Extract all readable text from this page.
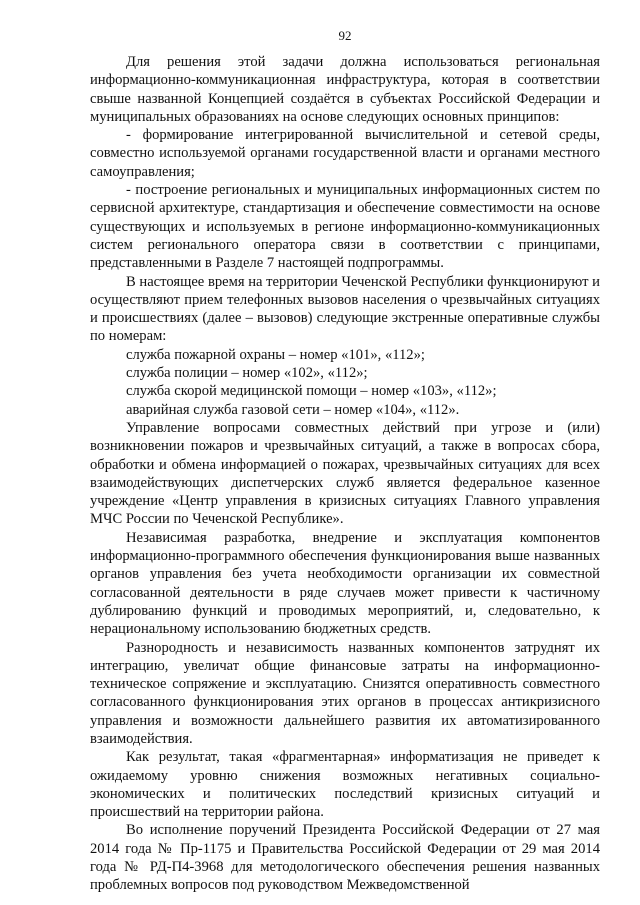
92

Для решения этой задачи должна использоваться региональная информационно-коммуникационная инфраструктура, которая в соответствии свыше названной Концепцией создаётся в субъектах Российской Федерации и муниципальных образованиях на основе следующих основных принципов:

- формирование интегрированной вычислительной и сетевой среды, совместно используемой органами государственной власти и органами местного самоуправления;

- построение региональных и муниципальных информационных систем по сервисной архитектуре, стандартизация и обеспечение совместимости на основе существующих и используемых в регионе информационно-коммуникационных систем регионального оператора связи в соответствии с принципами, представленными в Разделе 7 настоящей подпрограммы.

В настоящее время на территории Чеченской Республики функционируют и осуществляют прием телефонных вызовов населения о чрезвычайных ситуациях и происшествиях (далее – вызовов) следующие экстренные оперативные службы по номерам:

служба пожарной охраны – номер «101», «112»;

служба полиции – номер «102», «112»;

служба скорой медицинской помощи – номер «103», «112»;

аварийная служба газовой сети – номер «104», «112».

Управление вопросами совместных действий при угрозе и (или) возникновении пожаров и чрезвычайных ситуаций, а также в вопросах сбора, обработки и обмена информацией о пожарах, чрезвычайных ситуациях для всех взаимодействующих диспетчерских служб является федеральное казенное учреждение «Центр управления в кризисных ситуациях Главного управления МЧС России по Чеченской Республике».

Независимая разработка, внедрение и эксплуатация компонентов информационно-программного обеспечения функционирования выше названных органов управления без учета необходимости организации их совместной согласованной деятельности в ряде случаев может привести к частичному дублированию функций и проводимых мероприятий, и, следовательно, к нерациональному использованию бюджетных средств.

Разнородность и независимость названных компонентов затруднят их интеграцию, увеличат общие финансовые затраты на информационно-техническое сопряжение и эксплуатацию. Снизятся оперативность совместного согласованного функционирования этих органов в процессах антикризисного управления и возможности дальнейшего развития их автоматизированного взаимодействия.

Как результат, такая «фрагментарная» информатизация не приведет к ожидаемому уровню снижения возможных негативных социально-экономических и политических последствий кризисных ситуаций и происшествий на территории района.

Во исполнение поручений Президента Российской Федерации от 27 мая 2014 года № Пр-1175 и Правительства Российской Федерации от 29 мая 2014 года № РД-П4-3968 для методологического обеспечения решения названных проблемных вопросов под руководством Межведомственной
